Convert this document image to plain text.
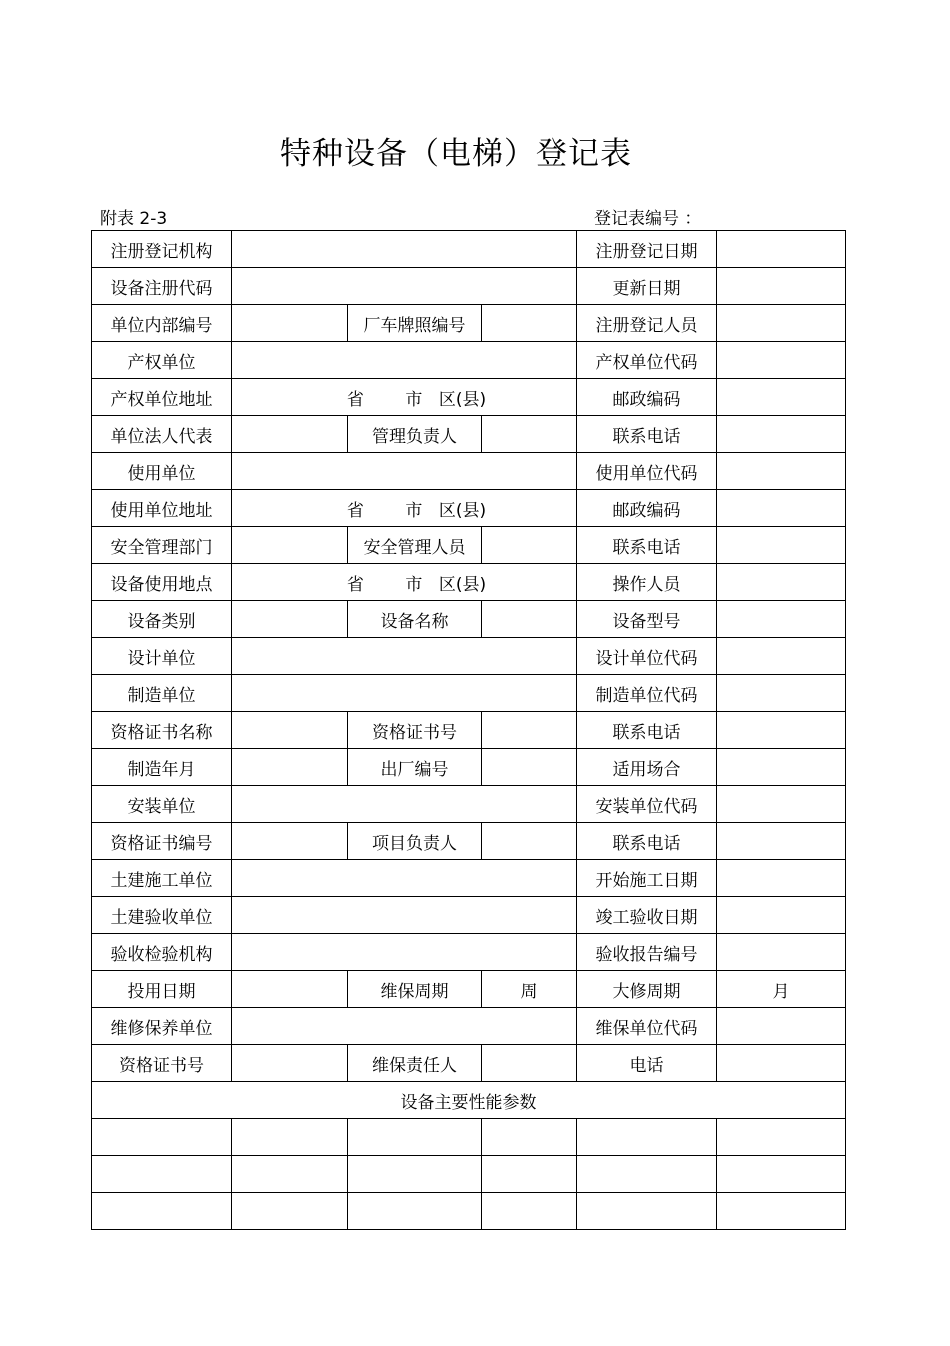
特种设备（电梯）登记表
附表 2-3	登记表编号 ：
注册登记机构				注册登记日期	
设备注册代码				更新日期	
单位内部编号		厂车牌照编号		注册登记人员	
产权单位				产权单位代码	
产权单位地址	省 市 区(县)			邮政编码	
单位法人代表		管理负责人		联系电话	
使用单位				使用单位代码	
使用单位地址	省 市 区(县)			邮政编码	
安全管理部门		安全管理人员		联系电话	
设备使用地点	省 市 区(县)			操作人员	
设备类别		设备名称		设备型号	
设计单位				设计单位代码	
制造单位				制造单位代码	
资格证书名称		资格证书号		联系电话	
制造年月		出厂编号		适用场合	
安装单位				安装单位代码	
资格证书编号		项目负责人		联系电话	
土建施工单位				开始施工日期	
土建验收单位				竣工验收日期	
验收检验机构				验收报告编号	
投用日期		维保周期	周	大修周期	月
维修保养单位				维保单位代码	
资格证书号		维保责任人		电话	
设备主要性能参数					
